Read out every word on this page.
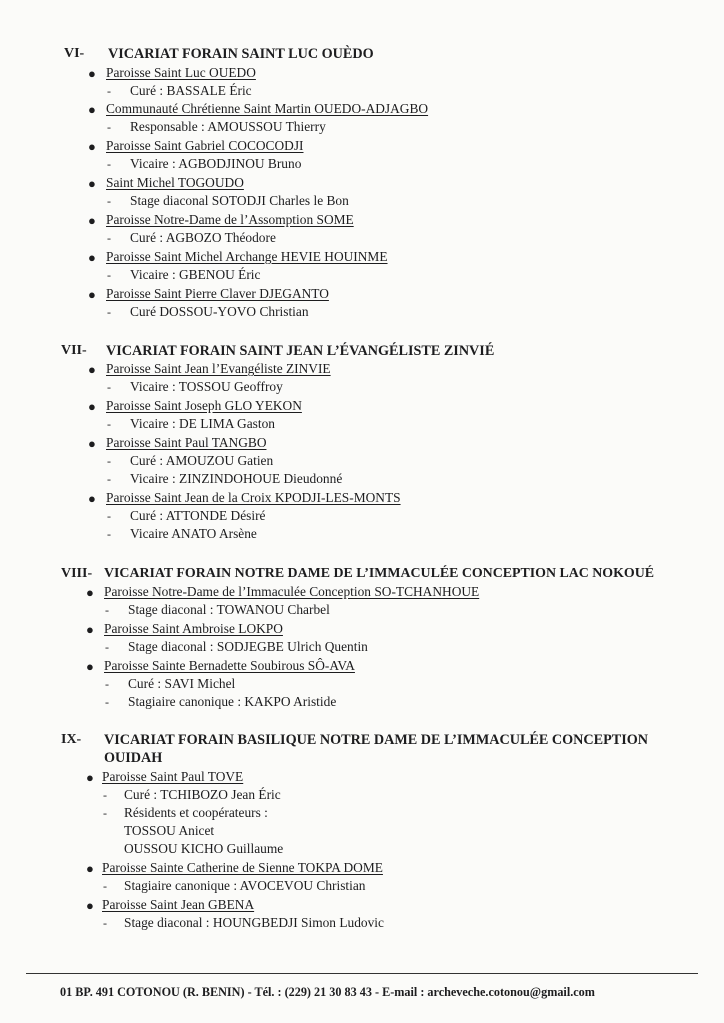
VI- VICARIAT FORAIN SAINT LUC OUÈDO
● Paroisse Saint Luc OUEDO
- Curé : BASSALE Éric
● Communauté Chrétienne Saint Martin OUEDO-ADJAGBO
- Responsable : AMOUSSOU Thierry
● Paroisse Saint Gabriel COCOCODJI
- Vicaire : AGBODJINOU Bruno
● Saint Michel TOGOUDO
- Stage diaconal SOTODJI Charles le Bon
● Paroisse Notre-Dame de l’Assomption SOME
- Curé : AGBOZO Théodore
● Paroisse Saint Michel Archange HEVIE HOUINME
- Vicaire : GBENOU Éric
● Paroisse Saint Pierre Claver DJEGANTO
- Curé DOSSOU-YOVO Christian
VII- VICARIAT FORAIN SAINT JEAN L’ÉVANGÉLISTE ZINVIÉ
● Paroisse Saint Jean l’Evangéliste ZINVIE
- Vicaire : TOSSOU Geoffroy
● Paroisse Saint Joseph GLO YEKON
- Vicaire : DE LIMA Gaston
● Paroisse Saint Paul TANGBO
- Curé : AMOUZOU Gatien
- Vicaire : ZINZINDOHOUE Dieudonné
● Paroisse Saint Jean de la Croix KPODJI-LES-MONTS
- Curé : ATTONDE Désiré
- Vicaire ANATO Arsène
VIII- VICARIAT FORAIN NOTRE DAME DE L’IMMACULÉE CONCEPTION LAC NOKOUÉ
● Paroisse Notre-Dame de l’Immaculée Conception SO-TCHANHOUE
- Stage diaconal : TOWANOU Charbel
● Paroisse Saint Ambroise LOKPO
- Stage diaconal : SODJEGBE Ulrich Quentin
● Paroisse Sainte Bernadette Soubirous SÔ-AVA
- Curé : SAVI Michel
- Stagiaire canonique : KAKPO Aristide
IX- VICARIAT FORAIN BASILIQUE NOTRE DAME DE L’IMMACULÉE CONCEPTION
OUIDAH
● Paroisse Saint Paul TOVE
- Curé : TCHIBOZO Jean Éric
- Résidents et coopérateurs :
TOSSOU Anicet
OUSSOU KICHO Guillaume
● Paroisse Sainte Catherine de Sienne TOKPA DOME
- Stagiaire canonique : AVOCEVOU Christian
● Paroisse Saint Jean GBENA
- Stage diaconal : HOUNGBEDJI Simon Ludovic
01 BP. 491 COTONOU (R. BENIN) - Tél. : (229) 21 30 83 43 - E-mail : archeveche.cotonou@gmail.com
